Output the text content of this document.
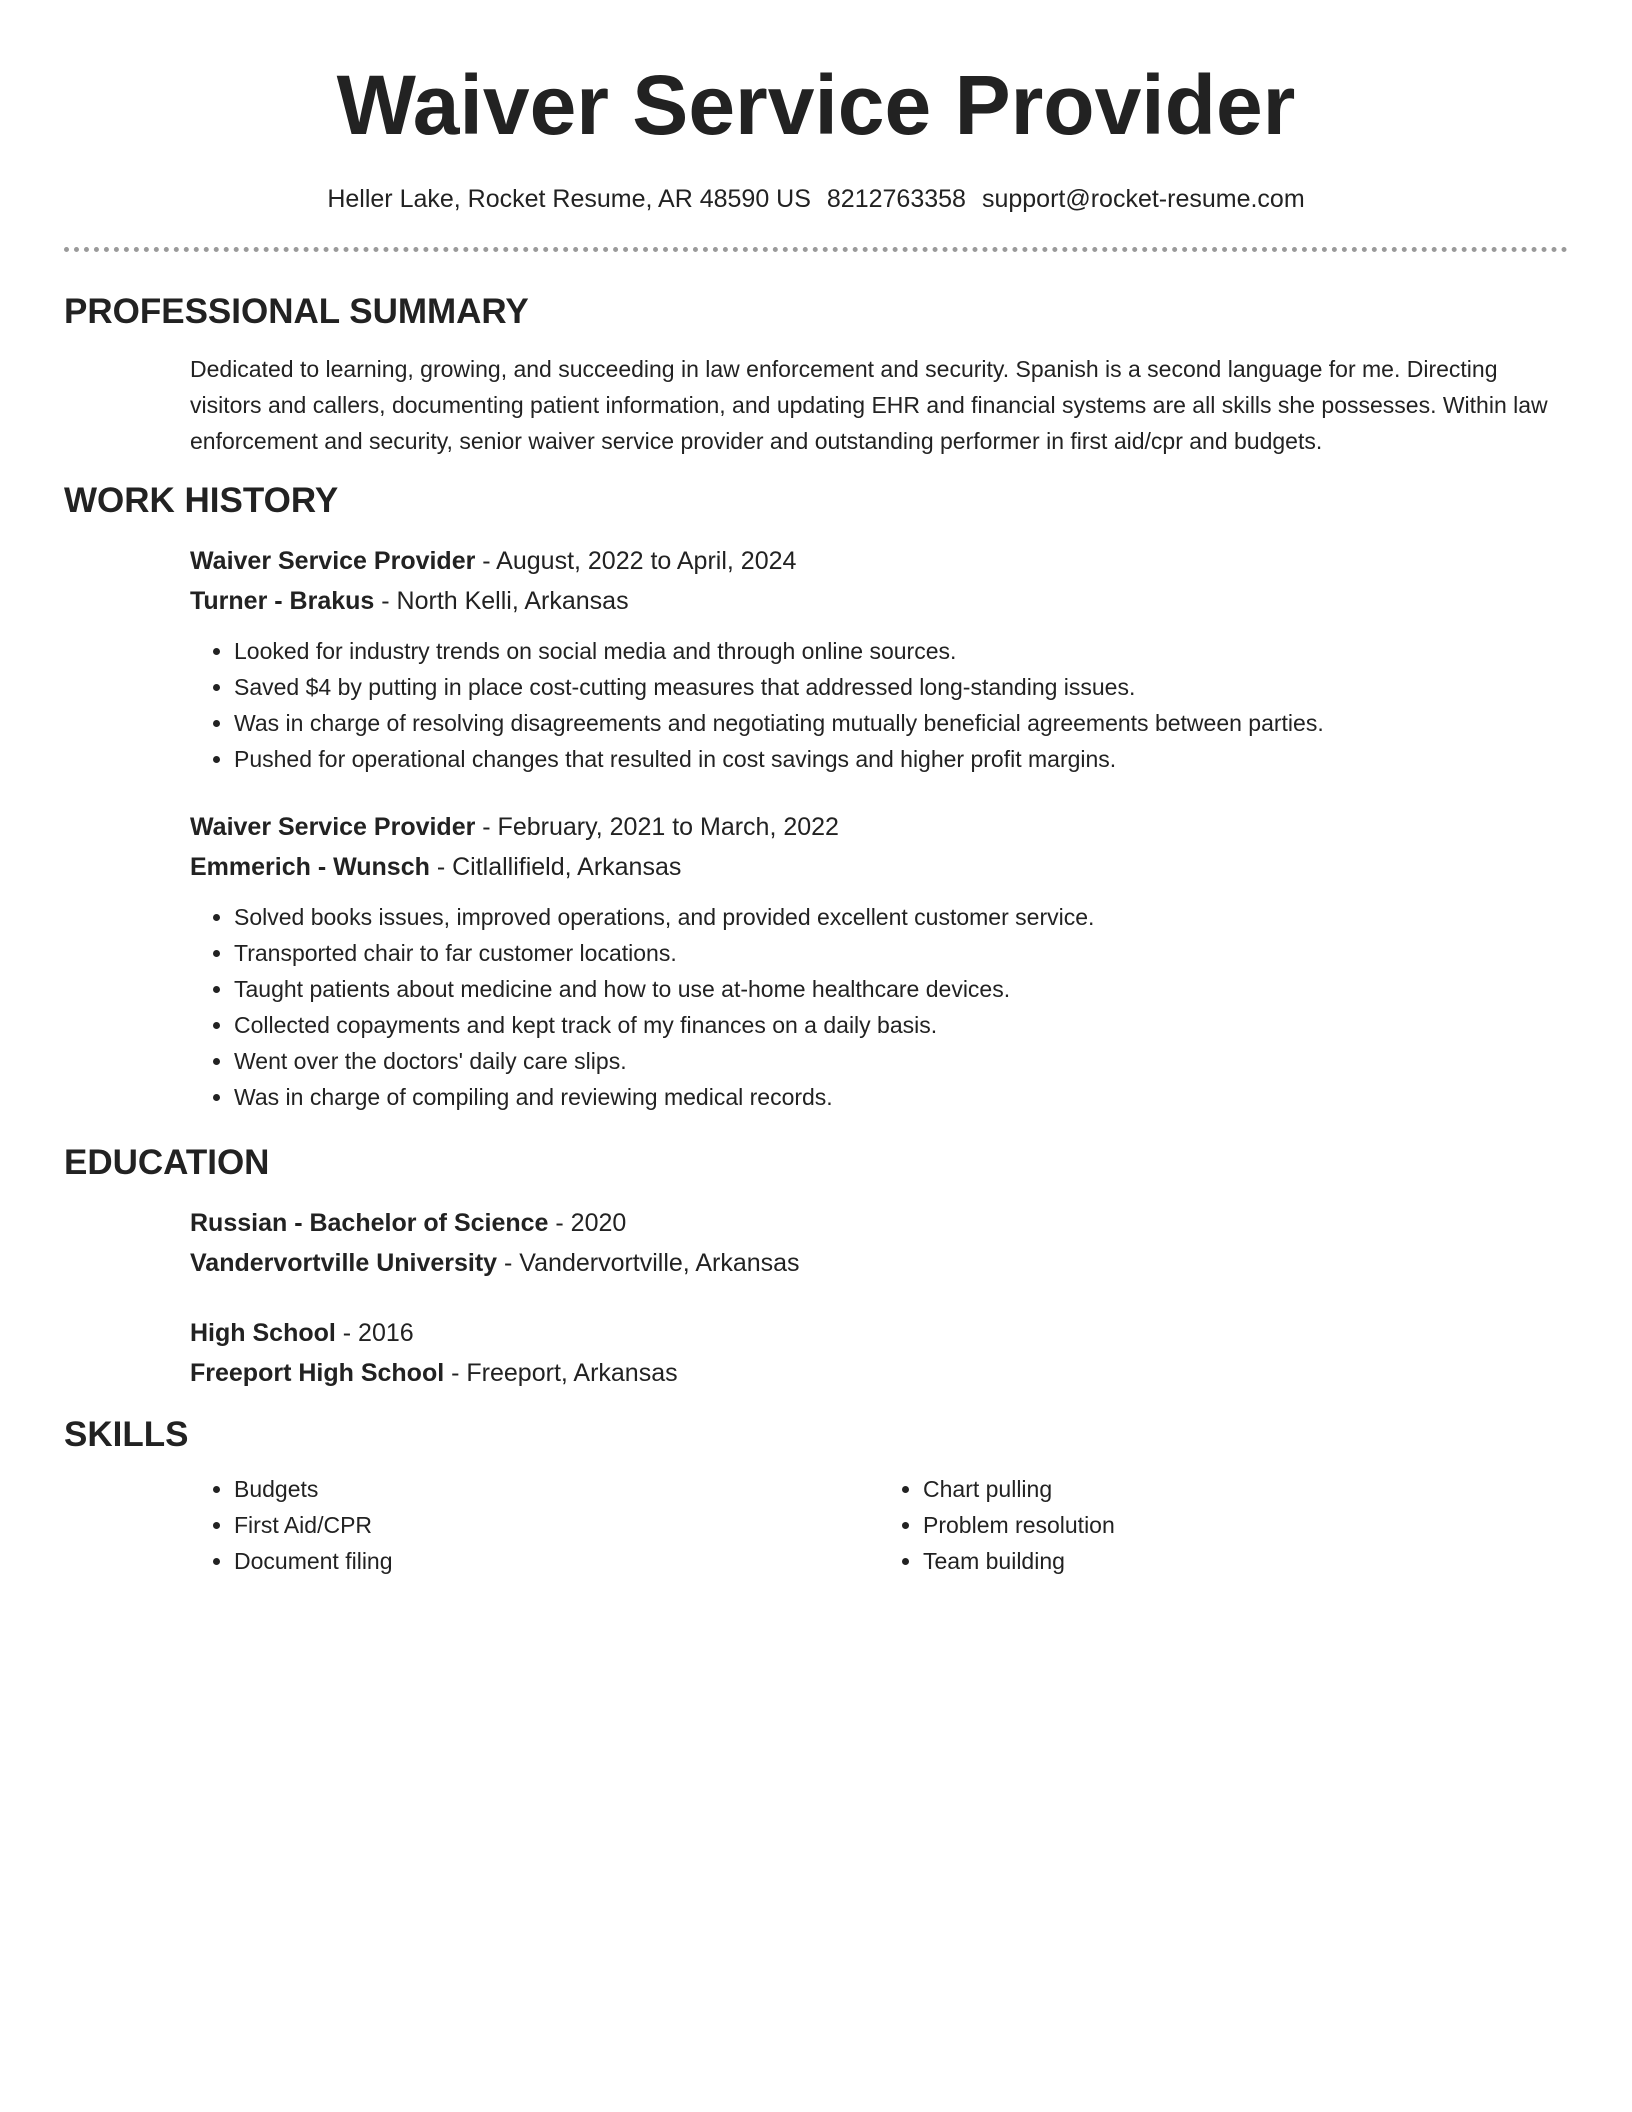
Waiver Service Provider
Heller Lake, Rocket Resume, AR 48590 US 8212763358 support@rocket-resume.com
PROFESSIONAL SUMMARY

Dedicated to learning, growing, and succeeding in law enforcement and security. Spanish is a second language for me. Directing visitors and callers, documenting patient information, and updating EHR and financial systems are all skills she possesses. Within law enforcement and security, senior waiver service provider and outstanding performer in first aid/cpr and budgets.

WORK HISTORY

Waiver Service Provider - August, 2022 to April, 2024

Turner - Brakus - North Kelli, Arkansas

• Looked for industry trends on social media and through online sources.
• Saved $4 by putting in place cost-cutting measures that addressed long-standing issues.
• Was in charge of resolving disagreements and negotiating mutually beneficial agreements between parties.
• Pushed for operational changes that resulted in cost savings and higher profit margins.

Waiver Service Provider - February, 2021 to March, 2022

Emmerich - Wunsch - Citlallifield, Arkansas

• Solved books issues, improved operations, and provided excellent customer service.
• Transported chair to far customer locations.
• Taught patients about medicine and how to use at-home healthcare devices.
• Collected copayments and kept track of my finances on a daily basis.
• Went over the doctors' daily care slips.
• Was in charge of compiling and reviewing medical records.
EDUCATION

Russian - Bachelor of Science - 2020

Vandervortville University - Vandervortville, Arkansas

High School - 2016

Freeport High School - Freeport, Arkansas

SKILLS
• Budgets
• First Aid/CPR
• Document filing
• Chart pulling
• Problem resolution
• Team building
